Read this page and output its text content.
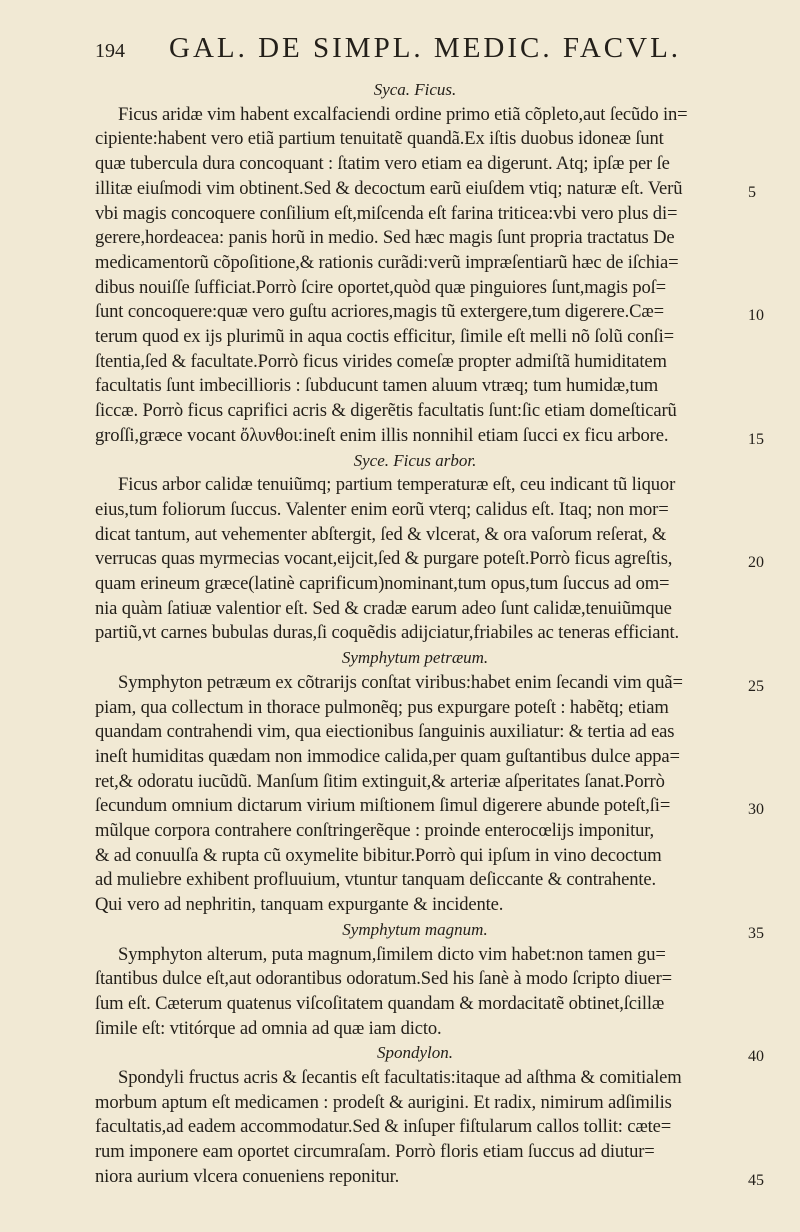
194	GAL. DE SIMPL. MEDIC. FACVL.
Syca. Ficus.
Ficus aridæ vim habent excalfaciendi ordine primo etiã cõpleto,aut ſecũdo in=
cipiente:habent vero etiã partium tenuitatẽ quandã.Ex iſtis duobus idoneæ ſunt
quæ tubercula dura concoquant : ſtatim vero etiam ea digerunt. Atq; ipſæ per ſe
illitæ eiuſmodi vim obtinent.Sed & decoctum earũ eiuſdem vtiq; naturæ eſt. Verũ
vbi magis concoquere conſilium eſt,miſcenda eſt farina triticea:vbi vero plus di=
gerere,hordeacea: panis horũ in medio. Sed hæc magis ſunt propria tractatus De
medicamentorũ cõpoſitione,& rationis curãdi:verũ impræſentiarũ hæc de iſchia=
dibus nouiſſe ſufficiat.Porrò ſcire oportet,quòd quæ pinguiores ſunt,magis poſ=
ſunt concoquere:quæ vero guſtu acriores,magis tũ extergere,tum digerere.Cæ=
terum quod ex ijs plurimũ in aqua coctis efficitur, ſimile eſt melli nõ ſolũ conſi=
ſtentia,ſed & facultate.Porrò ficus virides comeſæ propter admiſtã humiditatem
facultatis ſunt imbecillioris : ſubducunt tamen aluum vtræq; tum humidæ,tum
ſiccæ. Porrò ficus caprifici acris & digerẽtis facultatis ſunt:ſic etiam domeſticarũ
groſſi,græce vocant ὄλυνθοι:ineſt enim illis nonnihil etiam ſucci ex ficu arbore.
Syce. Ficus arbor.
Ficus arbor calidæ tenuiũmq; partium temperaturæ eſt, ceu indicant tũ liquor
eius,tum foliorum ſuccus. Valenter enim eorũ vterq; calidus eſt. Itaq; non mor=
dicat tantum, aut vehementer abſtergit, ſed & vlcerat, & ora vaſorum reſerat, &
verrucas quas myrmecias vocant,eijcit,ſed & purgare poteſt.Porrò ficus agreſtis,
quam erineum græce(latinè caprificum)nominant,tum opus,tum ſuccus ad om=
nia quàm ſatiuæ valentior eſt. Sed & cradæ earum adeo ſunt calidæ,tenuiũmque
partiũ,vt carnes bubulas duras,ſi coquẽdis adijciatur,friabiles ac teneras efficiant.
Symphytum petræum.
Symphyton petræum ex cõtrarijs conſtat viribus:habet enim ſecandi vim quã=
piam, qua collectum in thorace pulmonẽq; pus expurgare poteſt : habẽtq; etiam
quandam contrahendi vim, qua eiectionibus ſanguinis auxiliatur: & tertia ad eas
ineſt humiditas quædam non immodice calida,per quam guſtantibus dulce appa=
ret,& odoratu iucũdũ. Manſum ſitim extinguit,& arteriæ aſperitates ſanat.Porrò
ſecundum omnium dictarum virium miſtionem ſimul digerere abunde poteſt,ſi=
mũlque corpora contrahere conſtringerẽque : proinde enterocœlijs imponitur,
& ad conuulſa & rupta cũ oxymelite bibitur.Porrò qui ipſum in vino decoctum
ad muliebre exhibent profluuium, vtuntur tanquam deſiccante & contrahente.
Qui vero ad nephritin, tanquam expurgante & incidente.
Symphytum magnum.
Symphyton alterum, puta magnum,ſimilem dicto vim habet:non tamen gu=
ſtantibus dulce eſt,aut odorantibus odoratum.Sed his ſanè à modo ſcripto diuer=
ſum eſt. Cæterum quatenus viſcoſitatem quandam & mordacitatẽ obtinet,ſcillæ
ſimile eſt: vtitórque ad omnia ad quæ iam dicto.
Spondylon.
Spondyli fructus acris & ſecantis eſt facultatis:itaque ad aſthma & comitialem
morbum aptum eſt medicamen : prodeſt & aurigini. Et radix, nimirum adſimilis
facultatis,ad eadem accommodatur.Sed & inſuper fiſtularum callos tollit: cæte=
rum imponere eam oportet circumraſam. Porrò floris etiam ſuccus ad diutur=
niora aurium vlcera conueniens reponitur.
5
10
15
20
25
30
35
40
45
